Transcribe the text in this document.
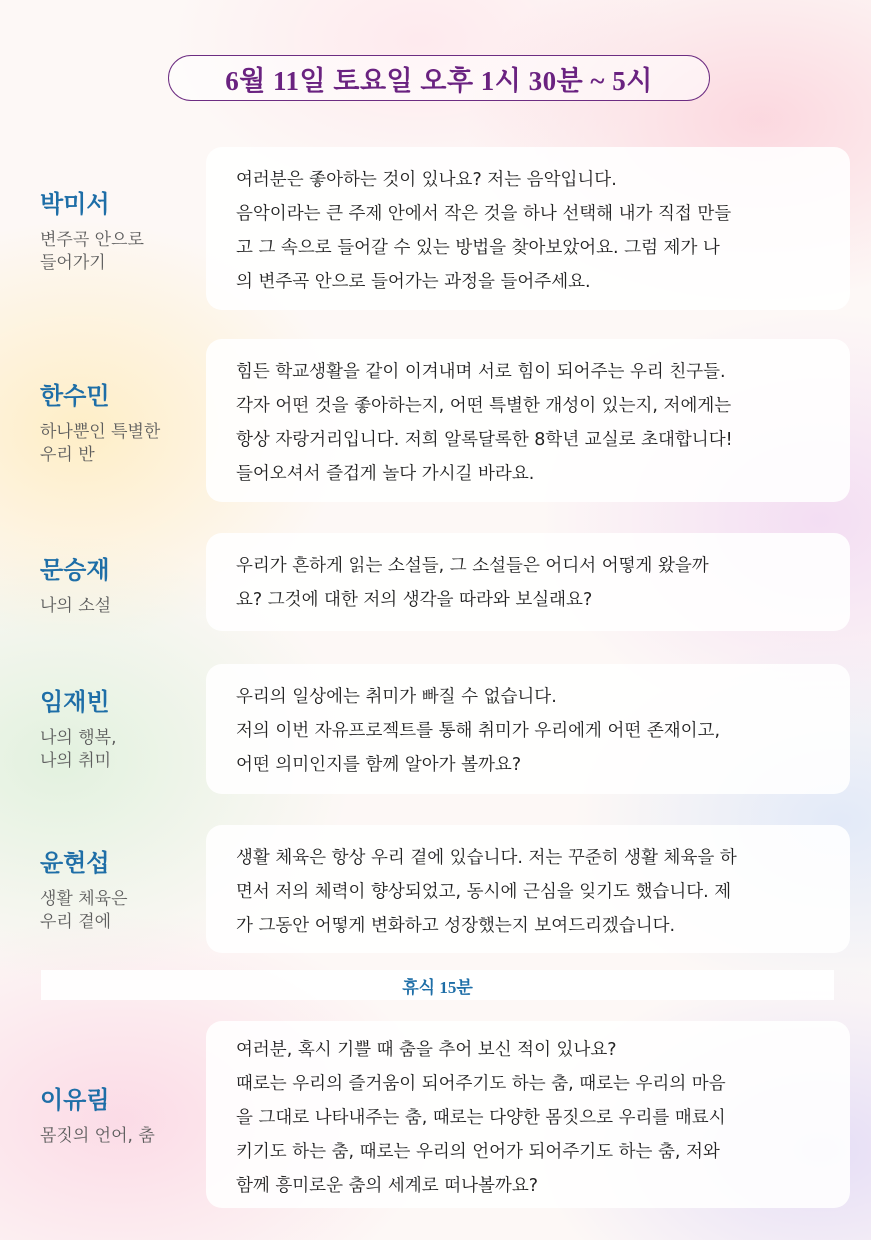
6월 11일 토요일 오후 1시 30분 ~ 5시

박미서

변주곡 안으로
들어가기

여러분은 좋아하는 것이 있나요? 저는 음악입니다.
음악이라는 큰 주제 안에서 작은 것을 하나 선택해 내가 직접 만들
고 그 속으로 들어갈 수 있는 방법을 찾아보았어요. 그럼 제가 나
의 변주곡 안으로 들어가는 과정을 들어주세요.

한수민

하나뿐인 특별한
우리 반

힘든 학교생활을 같이 이겨내며 서로 힘이 되어주는 우리 친구들.
각자 어떤 것을 좋아하는지, 어떤 특별한 개성이 있는지, 저에게는
항상 자랑거리입니다. 저희 알록달록한 8학년 교실로 초대합니다!
들어오셔서 즐겁게 놀다 가시길 바라요.

문승재

나의 소설

우리가 흔하게 읽는 소설들, 그 소설들은 어디서 어떻게 왔을까
요? 그것에 대한 저의 생각을 따라와 보실래요?

임재빈

나의 행복,
나의 취미

우리의 일상에는 취미가 빠질 수 없습니다.
저의 이번 자유프로젝트를 통해 취미가 우리에게 어떤 존재이고,
어떤 의미인지를 함께 알아가 볼까요?

윤현섭

생활 체육은
우리 곁에

생활 체육은 항상 우리 곁에 있습니다. 저는 꾸준히 생활 체육을 하
면서 저의 체력이 향상되었고, 동시에 근심을 잊기도 했습니다. 제
가 그동안 어떻게 변화하고 성장했는지 보여드리겠습니다.
휴식 15분

이유림

몸짓의 언어, 춤

여러분, 혹시 기쁠 때 춤을 추어 보신 적이 있나요?
때로는 우리의 즐거움이 되어주기도 하는 춤, 때로는 우리의 마음
을 그대로 나타내주는 춤, 때로는 다양한 몸짓으로 우리를 매료시
키기도 하는 춤, 때로는 우리의 언어가 되어주기도 하는 춤, 저와
함께 흥미로운 춤의 세계로 떠나볼까요?
